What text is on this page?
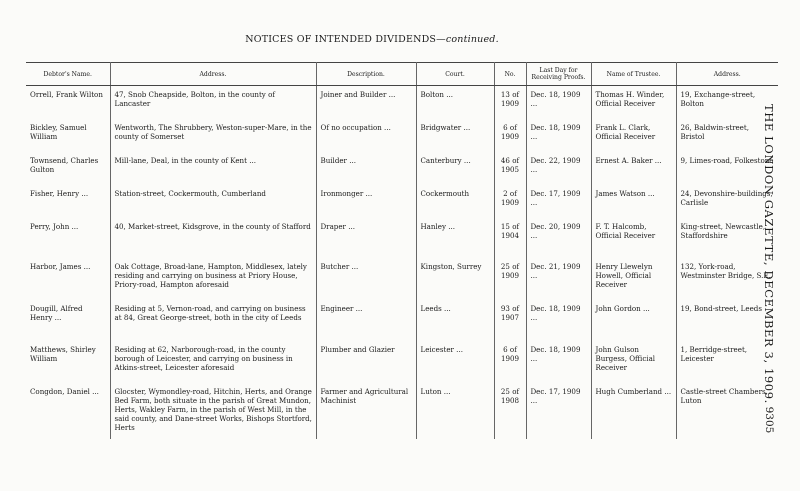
NOTICES OF INTENDED DIVIDENDS—continued.
Debtor's Name.	Address.	Description.	Court.	No.	Last Day for Receiving Proofs.	Name of Trustee.	Address.
Orrell, Frank Wilton	47, Snob Cheapside, Bolton, in the county of Lancaster	Joiner and Builder ...	Bolton ...	13 of 1909	Dec. 18, 1909 ...	Thomas H. Winder, Official Receiver	19, Exchange-street, Bolton
Bickley, Samuel William	Wentworth, The Shrubbery, Weston-super-Mare, in the county of Somerset	Of no occupation ...	Bridgwater ...	6 of 1909	Dec. 18, 1909 ...	Frank L. Clark, Official Receiver	26, Baldwin-street, Bristol
Townsend, Charles Gulton	Mill-lane, Deal, in the county of Kent ...	Builder ...	Canterbury ...	46 of 1905	Dec. 22, 1909 ...	Ernest A. Baker ...	9, Limes-road, Folkestone
Fisher, Henry ...	Station-street, Cockermouth, Cumberland	Ironmonger ...	Cockermouth	2 of 1909	Dec. 17, 1909 ...	James Watson ...	24, Devonshire-buildings, Carlisle
Perry, John ...	40, Market-street, Kidsgrove, in the county of Stafford	Draper ...	Hanley ...	15 of 1904	Dec. 20, 1909 ...	F. T. Halcomb, Official Receiver	King-street, Newcastle, Staffordshire
Harbor, James ...	Oak Cottage, Broad-lane, Hampton, Middlesex, lately residing and carrying on business at Priory House, Priory-road, Hampton aforesaid	Butcher ...	Kingston, Surrey	25 of 1909	Dec. 21, 1909 ...	Henry Llewelyn Howell, Official Receiver	132, York-road, Westminster Bridge, S.E.
Dougill, Alfred Henry ...	Residing at 5, Vernon-road, and carrying on business at 84, Great George-street, both in the city of Leeds	Engineer ...	Leeds ...	93 of 1907	Dec. 18, 1909 ...	John Gordon ...	19, Bond-street, Leeds
Matthews, Shirley William	Residing at 62, Narborough-road, in the county borough of Leicester, and carrying on business in Atkins-street, Leicester aforesaid	Plumber and Glazier	Leicester ...	6 of 1909	Dec. 18, 1909 ...	John Gulson Burgess, Official Receiver	1, Berridge-street, Leicester
Congdon, Daniel ...	Glocster, Wymondley-road, Hitchin, Herts, and Orange Bed Farm, both situate in the parish of Great Mundon, Herts, Wakley Farm, in the parish of West Mill, in the said county, and Dane-street Works, Bishops Stortford, Herts	Farmer and Agricultural Machinist	Luton ...	25 of 1908	Dec. 17, 1909 ...	Hugh Cumberland ...	Castle-street Chambers, Luton	THE LONDON GAZETTE, DECEMBER 3, 1909.
9305
